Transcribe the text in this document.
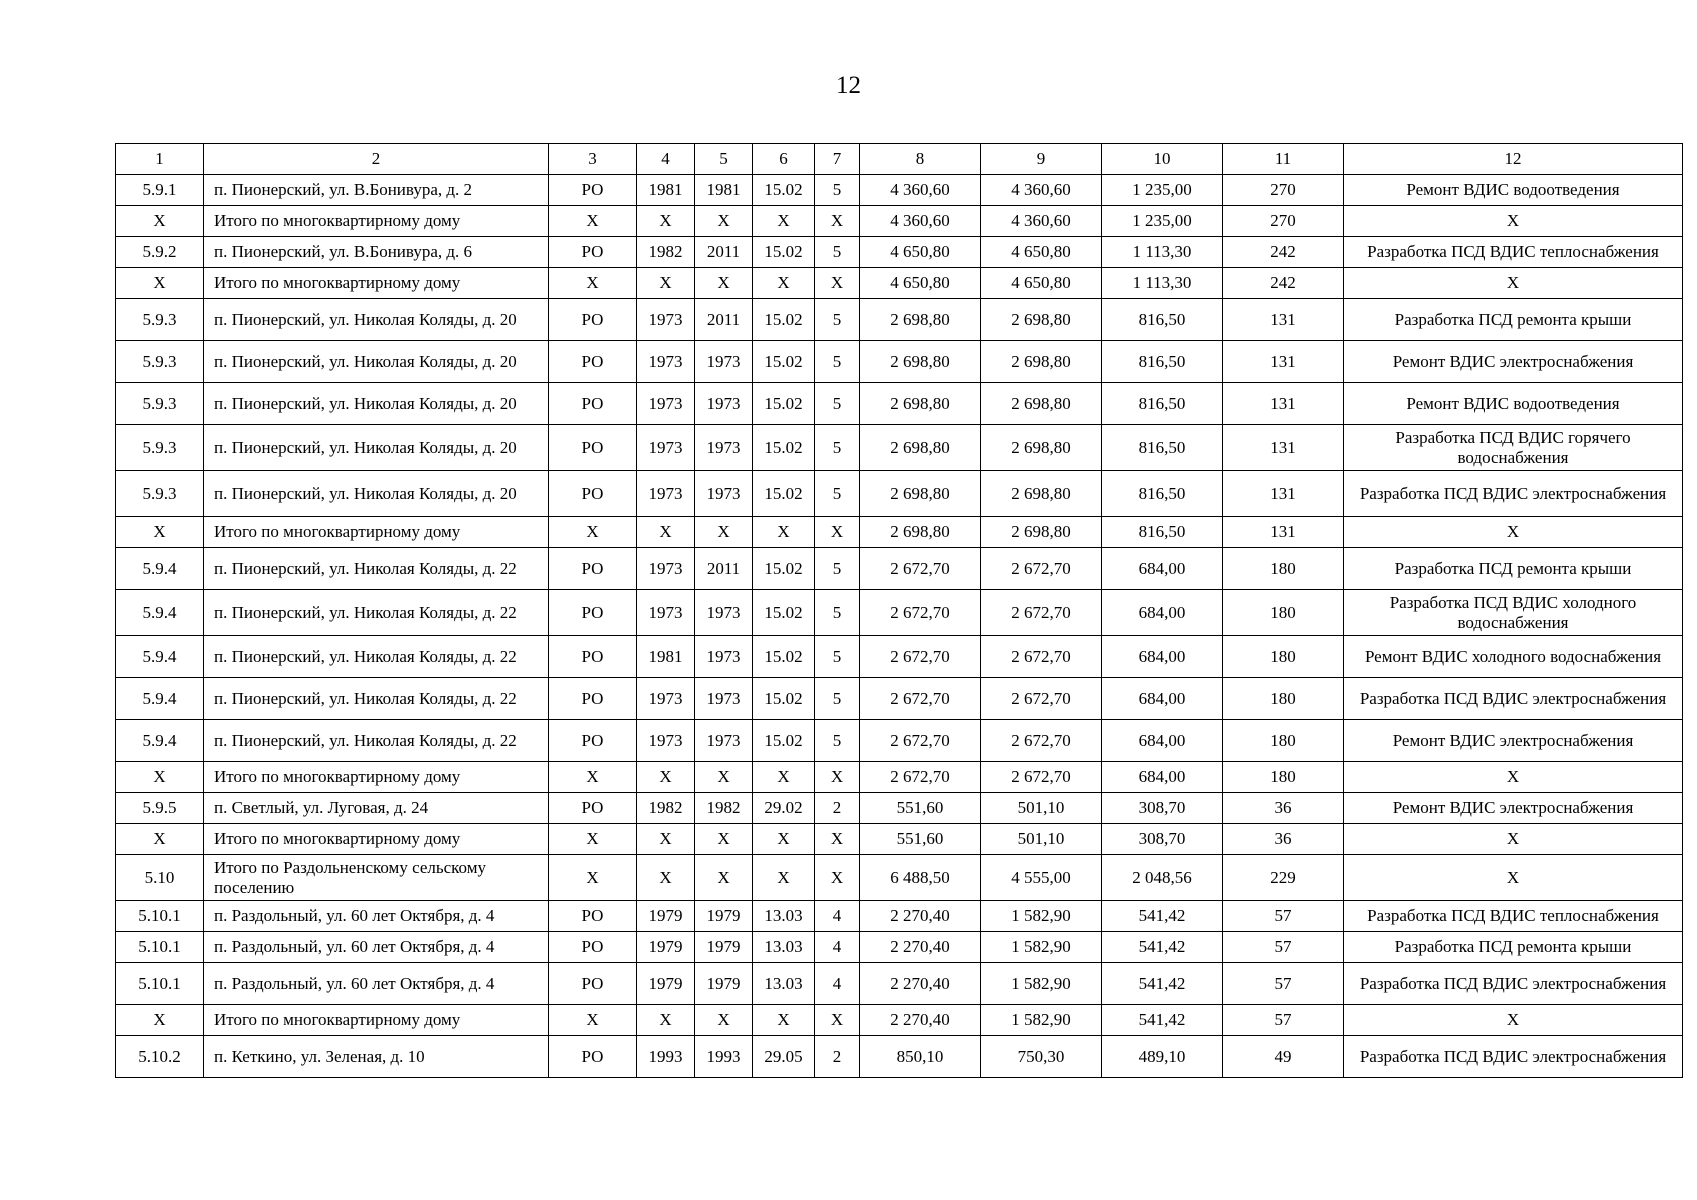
12
1	2	3	4	5	6	7	8	9	10	11	12
5.9.1	п. Пионерский, ул. В.Бонивура, д. 2	РО	1981	1981	15.02	5	4 360,60	4 360,60	1 235,00	270	Ремонт ВДИС водоотведения
Х	Итого по многоквартирному дому	Х	Х	Х	Х	Х	4 360,60	4 360,60	1 235,00	270	Х
5.9.2	п. Пионерский, ул. В.Бонивура, д. 6	РО	1982	2011	15.02	5	4 650,80	4 650,80	1 113,30	242	Разработка ПСД ВДИС теплоснабжения
Х	Итого по многоквартирному дому	Х	Х	Х	Х	Х	4 650,80	4 650,80	1 113,30	242	Х
5.9.3	п. Пионерский, ул. Николая Коляды, д. 20	РО	1973	2011	15.02	5	2 698,80	2 698,80	816,50	131	Разработка ПСД ремонта крыши
5.9.3	п. Пионерский, ул. Николая Коляды, д. 20	РО	1973	1973	15.02	5	2 698,80	2 698,80	816,50	131	Ремонт ВДИС электроснабжения
5.9.3	п. Пионерский, ул. Николая Коляды, д. 20	РО	1973	1973	15.02	5	2 698,80	2 698,80	816,50	131	Ремонт ВДИС водоотведения
5.9.3	п. Пионерский, ул. Николая Коляды, д. 20	РО	1973	1973	15.02	5	2 698,80	2 698,80	816,50	131	Разработка ПСД ВДИС горячего водоснабжения
5.9.3	п. Пионерский, ул. Николая Коляды, д. 20	РО	1973	1973	15.02	5	2 698,80	2 698,80	816,50	131	Разработка ПСД ВДИС электроснабжения
Х	Итого по многоквартирному дому	Х	Х	Х	Х	Х	2 698,80	2 698,80	816,50	131	Х
5.9.4	п. Пионерский, ул. Николая Коляды, д. 22	РО	1973	2011	15.02	5	2 672,70	2 672,70	684,00	180	Разработка ПСД ремонта крыши
5.9.4	п. Пионерский, ул. Николая Коляды, д. 22	РО	1973	1973	15.02	5	2 672,70	2 672,70	684,00	180	Разработка ПСД ВДИС холодного водоснабжения
5.9.4	п. Пионерский, ул. Николая Коляды, д. 22	РО	1981	1973	15.02	5	2 672,70	2 672,70	684,00	180	Ремонт ВДИС холодного водоснабжения
5.9.4	п. Пионерский, ул. Николая Коляды, д. 22	РО	1973	1973	15.02	5	2 672,70	2 672,70	684,00	180	Разработка ПСД ВДИС электроснабжения
5.9.4	п. Пионерский, ул. Николая Коляды, д. 22	РО	1973	1973	15.02	5	2 672,70	2 672,70	684,00	180	Ремонт ВДИС электроснабжения
Х	Итого по многоквартирному дому	Х	Х	Х	Х	Х	2 672,70	2 672,70	684,00	180	Х
5.9.5	п. Светлый, ул. Луговая, д. 24	РО	1982	1982	29.02	2	551,60	501,10	308,70	36	Ремонт ВДИС электроснабжения
Х	Итого по многоквартирному дому	Х	Х	Х	Х	Х	551,60	501,10	308,70	36	Х
5.10	Итого по Раздольненскому сельскому поселению	Х	Х	Х	Х	Х	6 488,50	4 555,00	2 048,56	229	Х
5.10.1	п. Раздольный, ул. 60 лет Октября, д. 4	РО	1979	1979	13.03	4	2 270,40	1 582,90	541,42	57	Разработка ПСД ВДИС теплоснабжения
5.10.1	п. Раздольный, ул. 60 лет Октября, д. 4	РО	1979	1979	13.03	4	2 270,40	1 582,90	541,42	57	Разработка ПСД ремонта крыши
5.10.1	п. Раздольный, ул. 60 лет Октября, д. 4	РО	1979	1979	13.03	4	2 270,40	1 582,90	541,42	57	Разработка ПСД ВДИС электроснабжения
Х	Итого по многоквартирному дому	Х	Х	Х	Х	Х	2 270,40	1 582,90	541,42	57	Х
5.10.2	п. Кеткино, ул. Зеленая, д. 10	РО	1993	1993	29.05	2	850,10	750,30	489,10	49	Разработка ПСД ВДИС электроснабжения
